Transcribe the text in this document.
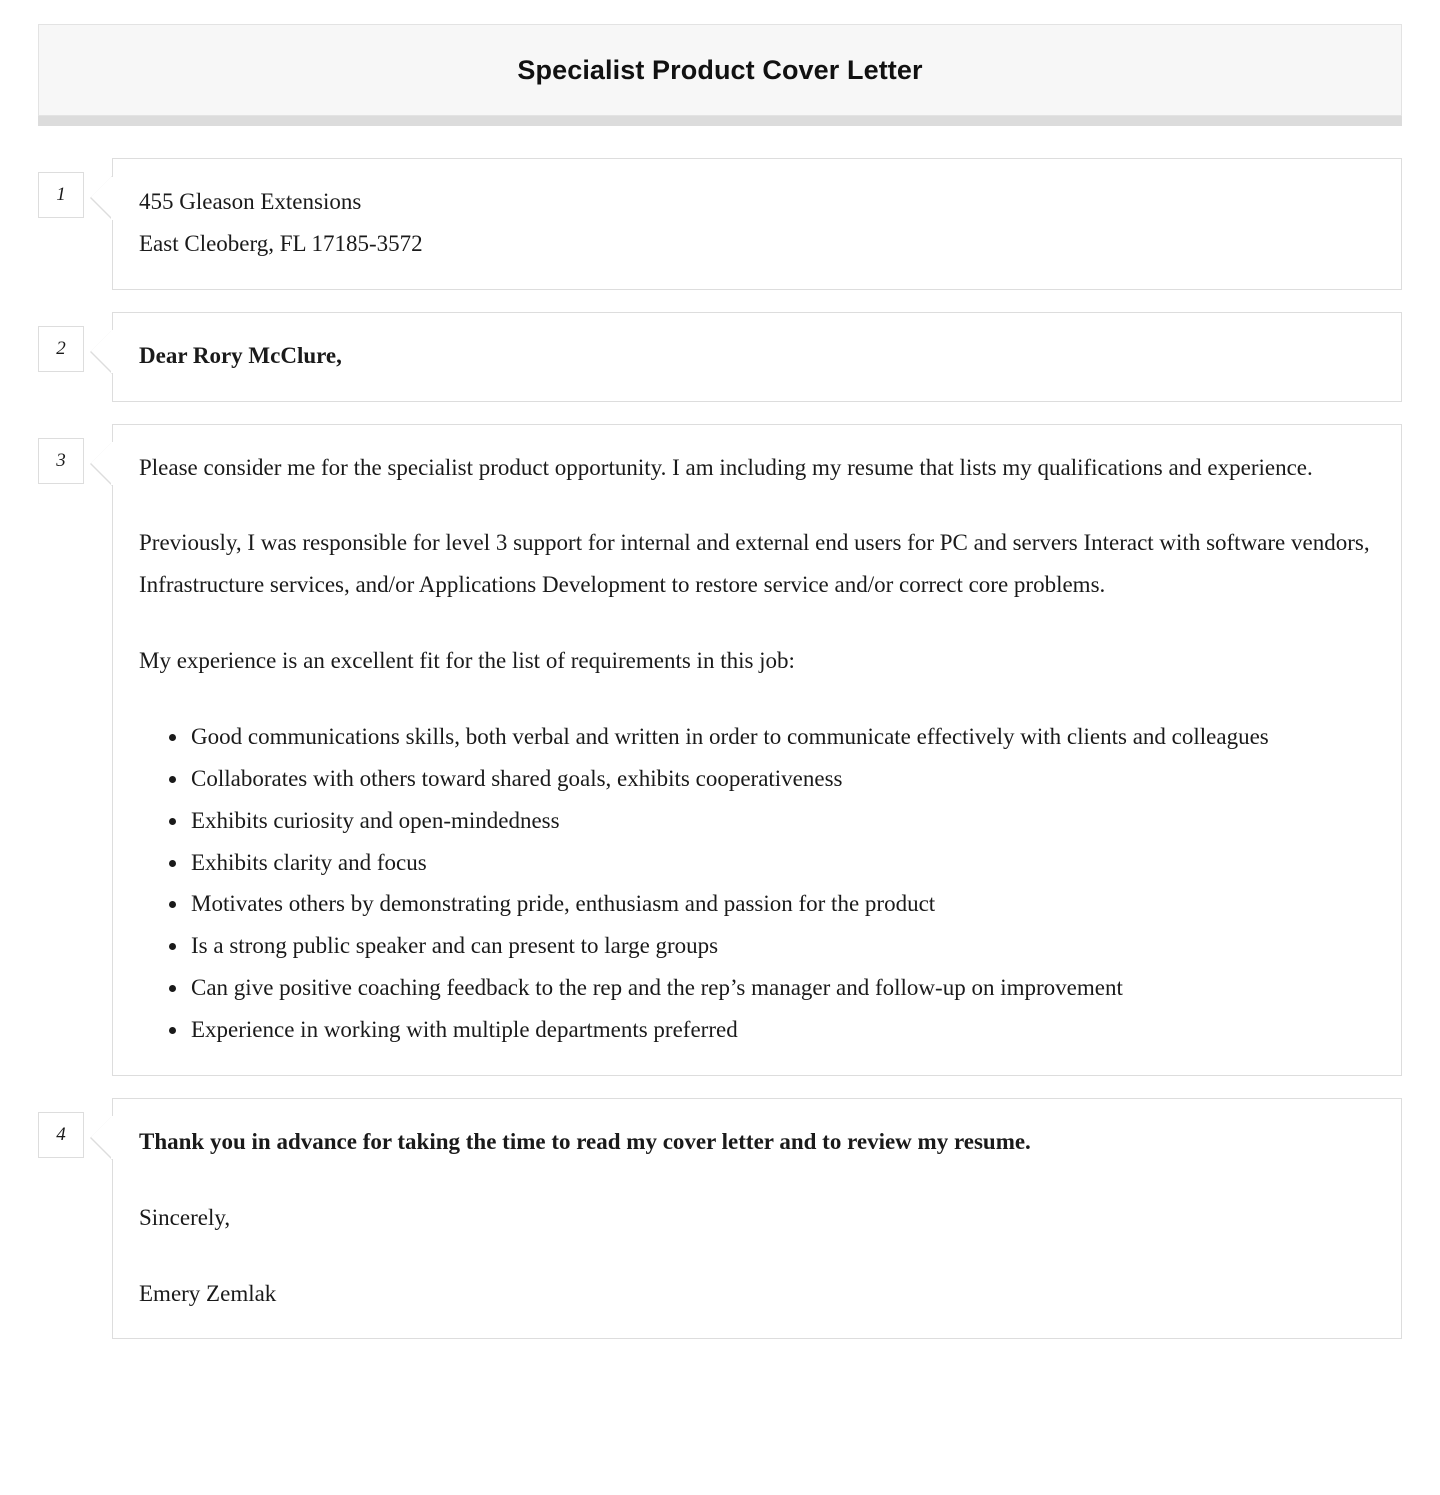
Specialist Product Cover Letter
1	455 Gleason Extensions
East Cleoberg, FL 17185-3572
2	Dear Rory McClure,

3	Please consider me for the specialist product opportunity. I am including my resume that lists my qualifications and experience.

Previously, I was responsible for level 3 support for internal and external end users for PC and servers Interact with software vendors, Infrastructure services, and/or Applications Development to restore service and/or correct core problems.

My experience is an excellent fit for the list of requirements in this job:

• Good communications skills, both verbal and written in order to communicate effectively with clients and colleagues
• Collaborates with others toward shared goals, exhibits cooperativeness
• Exhibits curiosity and open-mindedness
• Exhibits clarity and focus
• Motivates others by demonstrating pride, enthusiasm and passion for the product
• Is a strong public speaker and can present to large groups
• Can give positive coaching feedback to the rep and the rep’s manager and follow-up on improvement
• Experience in working with multiple departments preferred
4	Thank you in advance for taking the time to read my cover letter and to review my resume.

Sincerely,

Emery Zemlak
